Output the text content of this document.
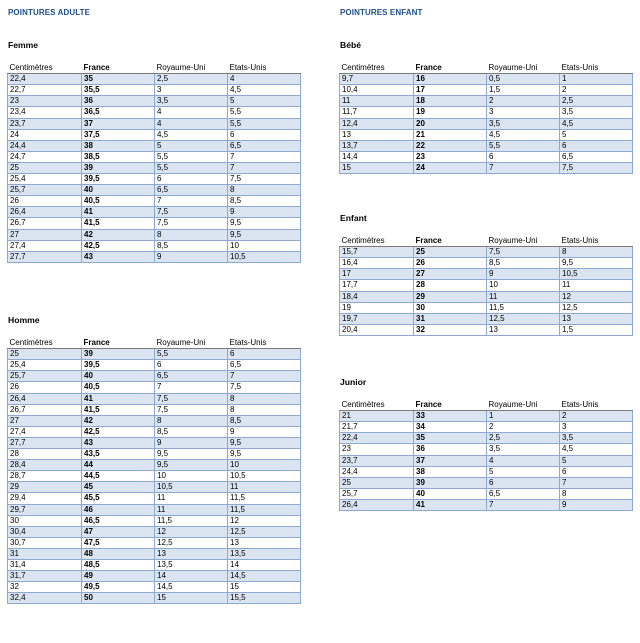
POINTURES ADULTE	POINTURES ENFANT
Femme
Centimètres	France	Royaume-Uni	Etats-Unis
22,4	35	2,5	4
22,7	35,5	3	4,5
23	36	3,5	5
23,4	36,5	4	5,5
23,7	37	4	5,5
24	37,5	4,5	6
24,4	38	5	6,5
24,7	38,5	5,5	7
25	39	5,5	7
25,4	39,5	6	7,5
25,7	40	6,5	8
26	40,5	7	8,5
26,4	41	7,5	9
26,7	41,5	7,5	9,5
27	42	8	9,5
27,4	42,5	8,5	10
27,7	43	9	10,5
Homme
Centimètres	France	Royaume-Uni	Etats-Unis
25	39	5,5	6
25,4	39,5	6	6,5
25,7	40	6,5	7
26	40,5	7	7,5
26,4	41	7,5	8
26,7	41,5	7,5	8
27	42	8	8,5
27,4	42,5	8,5	9
27,7	43	9	9,5
28	43,5	9,5	9,5
28,4	44	9,5	10
28,7	44,5	10	10,5
29	45	10,5	11
29,4	45,5	11	11,5
29,7	46	11	11,5
30	46,5	11,5	12
30,4	47	12	12,5
30,7	47,5	12,5	13
31	48	13	13,5
31,4	48,5	13,5	14
31,7	49	14	14,5
32	49,5	14,5	15
32,4	50	15	15,5
Bébé
Centimètres	France	Royaume-Uni	Etats-Unis
9,7	16	0,5	1
10,4	17	1,5	2
11	18	2	2,5
11,7	19	3	3,5
12,4	20	3,5	4,5
13	21	4,5	5
13,7	22	5,5	6
14,4	23	6	6,5
15	24	7	7,5
Enfant
Centimètres	France	Royaume-Uni	Etats-Unis
15,7	25	7,5	8
16,4	26	8,5	9,5
17	27	9	10,5
17,7	28	10	11
18,4	29	11	12
19	30	11,5	12,5
19,7	31	12,5	13
20,4	32	13	1,5
Junior
Centimètres	France	Royaume-Uni	Etats-Unis
21	33	1	2
21,7	34	2	3
22,4	35	2,5	3,5
23	36	3,5	4,5
23,7	37	4	5
24,4	38	5	6
25	39	6	7
25,7	40	6,5	8
26,4	41	7	9
